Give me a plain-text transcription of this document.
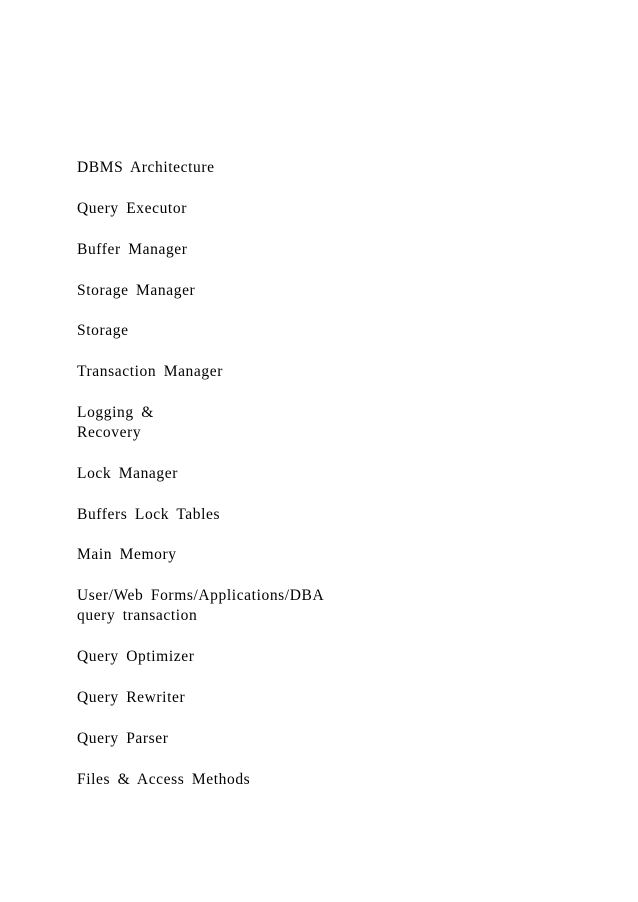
DBMS Architecture

Query Executor

Buffer Manager

Storage Manager

Storage

Transaction Manager

Logging &
Recovery

Lock Manager

Buffers Lock Tables

Main Memory

User/Web Forms/Applications/DBA
query transaction

Query Optimizer

Query Rewriter

Query Parser

Files & Access Methods
